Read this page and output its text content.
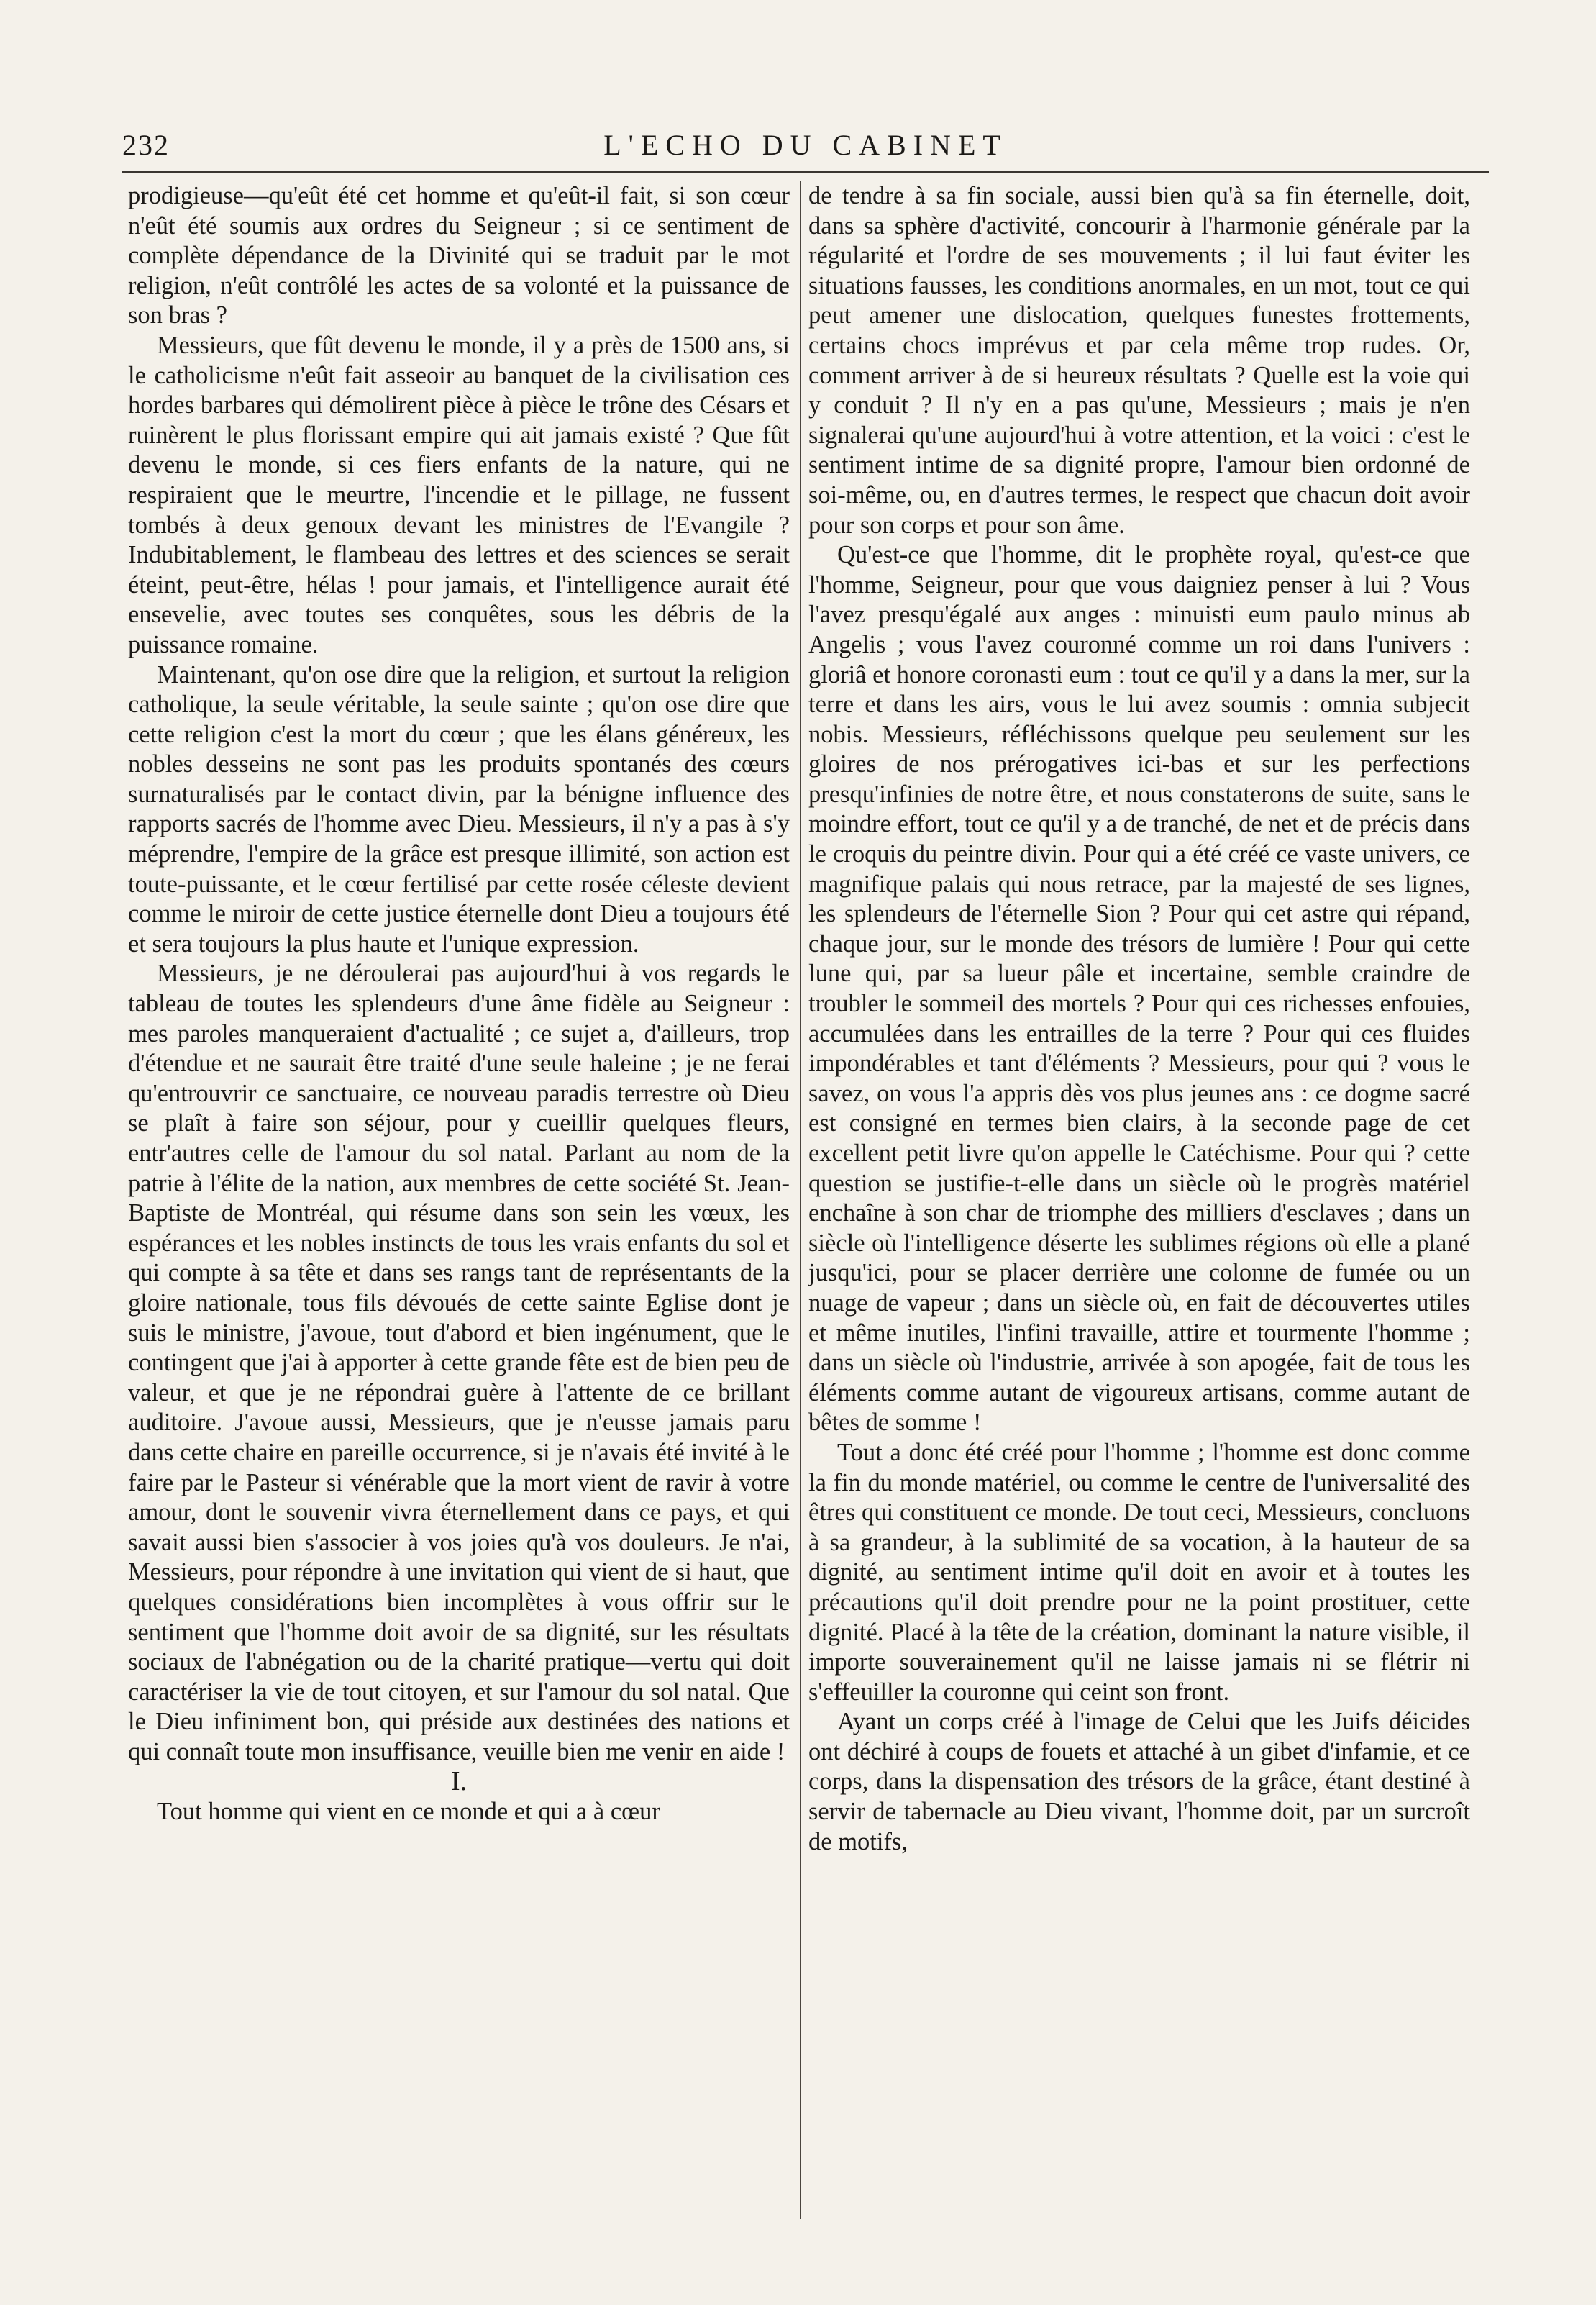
232	L'ECHO DU CABINET

prodigieuse—qu'eût été cet homme et qu'eût-il fait, si son cœur n'eût été soumis aux ordres du Seigneur ; si ce sentiment de complète dépendance de la Divinité qui se traduit par le mot religion, n'eût contrôlé les actes de sa volonté et la puissance de son bras ?

Messieurs, que fût devenu le monde, il y a près de 1500 ans, si le catholicisme n'eût fait asseoir au banquet de la civilisation ces hordes barbares qui démolirent pièce à pièce le trône des Césars et ruinèrent le plus florissant empire qui ait jamais existé ? Que fût devenu le monde, si ces fiers enfants de la nature, qui ne respiraient que le meurtre, l'incendie et le pillage, ne fussent tombés à deux genoux devant les ministres de l'Evangile ? Indubitablement, le flambeau des lettres et des sciences se serait éteint, peut-être, hélas ! pour jamais, et l'intelligence aurait été ensevelie, avec toutes ses conquêtes, sous les débris de la puissance romaine.

Maintenant, qu'on ose dire que la religion, et surtout la religion catholique, la seule véritable, la seule sainte ; qu'on ose dire que cette religion c'est la mort du cœur ; que les élans généreux, les nobles desseins ne sont pas les produits spontanés des cœurs surnaturalisés par le contact divin, par la bénigne influence des rapports sacrés de l'homme avec Dieu. Messieurs, il n'y a pas à s'y méprendre, l'empire de la grâce est presque illimité, son action est toute-puissante, et le cœur fertilisé par cette rosée céleste devient comme le miroir de cette justice éternelle dont Dieu a toujours été et sera toujours la plus haute et l'unique expression.

Messieurs, je ne déroulerai pas aujourd'hui à vos regards le tableau de toutes les splendeurs d'une âme fidèle au Seigneur : mes paroles manqueraient d'actualité ; ce sujet a, d'ailleurs, trop d'étendue et ne saurait être traité d'une seule haleine ; je ne ferai qu'entrouvrir ce sanctuaire, ce nouveau paradis terrestre où Dieu se plaît à faire son séjour, pour y cueillir quelques fleurs, entr'autres celle de l'amour du sol natal. Parlant au nom de la patrie à l'élite de la nation, aux membres de cette société St. Jean-Baptiste de Montréal, qui résume dans son sein les vœux, les espérances et les nobles instincts de tous les vrais enfants du sol et qui compte à sa tête et dans ses rangs tant de représentants de la gloire nationale, tous fils dévoués de cette sainte Eglise dont je suis le ministre, j'avoue, tout d'abord et bien ingénument, que le contingent que j'ai à apporter à cette grande fête est de bien peu de valeur, et que je ne répondrai guère à l'attente de ce brillant auditoire. J'avoue aussi, Messieurs, que je n'eusse jamais paru dans cette chaire en pareille occurrence, si je n'avais été invité à le faire par le Pasteur si vénérable que la mort vient de ravir à votre amour, dont le souvenir vivra éternellement dans ce pays, et qui savait aussi bien s'associer à vos joies qu'à vos douleurs. Je n'ai, Messieurs, pour répondre à une invitation qui vient de si haut, que quelques considérations bien incomplètes à vous offrir sur le sentiment que l'homme doit avoir de sa dignité, sur les résultats sociaux de l'abnégation ou de la charité pratique—vertu qui doit caractériser la vie de tout citoyen, et sur l'amour du sol natal. Que le Dieu infiniment bon, qui préside aux destinées des nations et qui connaît toute mon insuffisance, veuille bien me venir en aide !

I.

Tout homme qui vient en ce monde et qui a à cœur

de tendre à sa fin sociale, aussi bien qu'à sa fin éternelle, doit, dans sa sphère d'activité, concourir à l'harmonie générale par la régularité et l'ordre de ses mouvements ; il lui faut éviter les situations fausses, les conditions anormales, en un mot, tout ce qui peut amener une dislocation, quelques funestes frottements, certains chocs imprévus et par cela même trop rudes. Or, comment arriver à de si heureux résultats ? Quelle est la voie qui y conduit ? Il n'y en a pas qu'une, Messieurs ; mais je n'en signalerai qu'une aujourd'hui à votre attention, et la voici : c'est le sentiment intime de sa dignité propre, l'amour bien ordonné de soi-même, ou, en d'autres termes, le respect que chacun doit avoir pour son corps et pour son âme.

Qu'est-ce que l'homme, dit le prophète royal, qu'est-ce que l'homme, Seigneur, pour que vous daigniez penser à lui ? Vous l'avez presqu'égalé aux anges : minuisti eum paulo minus ab Angelis ; vous l'avez couronné comme un roi dans l'univers : gloriâ et honore coronasti eum : tout ce qu'il y a dans la mer, sur la terre et dans les airs, vous le lui avez soumis : omnia subjecit nobis. Messieurs, réfléchissons quelque peu seulement sur les gloires de nos prérogatives ici-bas et sur les perfections presqu'infinies de notre être, et nous constaterons de suite, sans le moindre effort, tout ce qu'il y a de tranché, de net et de précis dans le croquis du peintre divin. Pour qui a été créé ce vaste univers, ce magnifique palais qui nous retrace, par la majesté de ses lignes, les splendeurs de l'éternelle Sion ? Pour qui cet astre qui répand, chaque jour, sur le monde des trésors de lumière ! Pour qui cette lune qui, par sa lueur pâle et incertaine, semble craindre de troubler le sommeil des mortels ? Pour qui ces richesses enfouies, accumulées dans les entrailles de la terre ? Pour qui ces fluides impondérables et tant d'éléments ? Messieurs, pour qui ? vous le savez, on vous l'a appris dès vos plus jeunes ans : ce dogme sacré est consigné en termes bien clairs, à la seconde page de cet excellent petit livre qu'on appelle le Catéchisme. Pour qui ? cette question se justifie-t-elle dans un siècle où le progrès matériel enchaîne à son char de triomphe des milliers d'esclaves ; dans un siècle où l'intelligence déserte les sublimes régions où elle a plané jusqu'ici, pour se placer derrière une colonne de fumée ou un nuage de vapeur ; dans un siècle où, en fait de découvertes utiles et même inutiles, l'infini travaille, attire et tourmente l'homme ; dans un siècle où l'industrie, arrivée à son apogée, fait de tous les éléments comme autant de vigoureux artisans, comme autant de bêtes de somme !

Tout a donc été créé pour l'homme ; l'homme est donc comme la fin du monde matériel, ou comme le centre de l'universalité des êtres qui constituent ce monde. De tout ceci, Messieurs, concluons à sa grandeur, à la sublimité de sa vocation, à la hauteur de sa dignité, au sentiment intime qu'il doit en avoir et à toutes les précautions qu'il doit prendre pour ne la point prostituer, cette dignité. Placé à la tête de la création, dominant la nature visible, il importe souverainement qu'il ne laisse jamais ni se flétrir ni s'effeuiller la couronne qui ceint son front.

Ayant un corps créé à l'image de Celui que les Juifs déicides ont déchiré à coups de fouets et attaché à un gibet d'infamie, et ce corps, dans la dispensation des trésors de la grâce, étant destiné à servir de tabernacle au Dieu vivant, l'homme doit, par un surcroît de motifs,
